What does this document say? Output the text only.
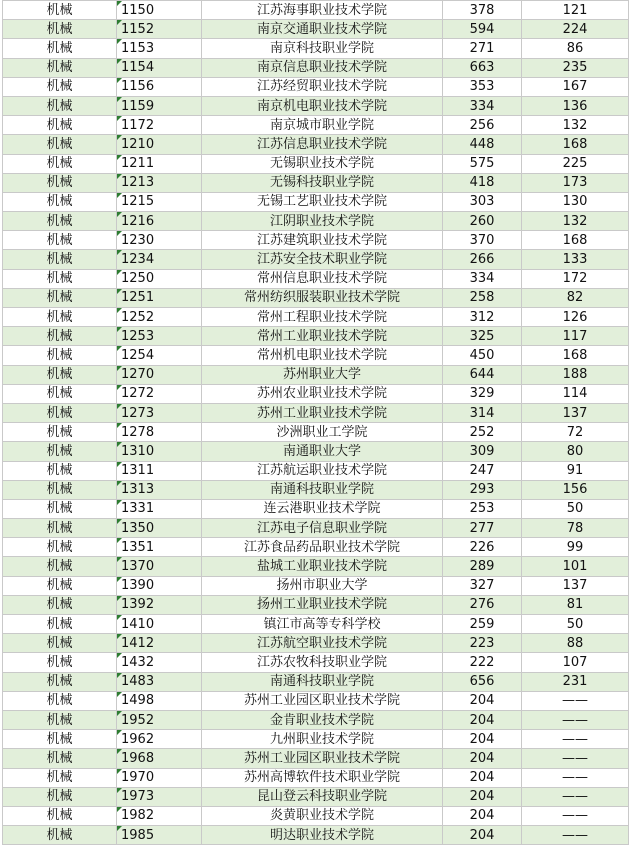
机械	1150	江苏海事职业技术学院	378	121
机械	1152	南京交通职业技术学院	594	224
机械	1153	南京科技职业学院	271	86
机械	1154	南京信息职业技术学院	663	235
机械	1156	江苏经贸职业技术学院	353	167
机械	1159	南京机电职业技术学院	334	136
机械	1172	南京城市职业学院	256	132
机械	1210	江苏信息职业技术学院	448	168
机械	1211	无锡职业技术学院	575	225
机械	1213	无锡科技职业学院	418	173
机械	1215	无锡工艺职业技术学院	303	130
机械	1216	江阴职业技术学院	260	132
机械	1230	江苏建筑职业技术学院	370	168
机械	1234	江苏安全技术职业学院	266	133
机械	1250	常州信息职业技术学院	334	172
机械	1251	常州纺织服装职业技术学院	258	82
机械	1252	常州工程职业技术学院	312	126
机械	1253	常州工业职业技术学院	325	117
机械	1254	常州机电职业技术学院	450	168
机械	1270	苏州职业大学	644	188
机械	1272	苏州农业职业技术学院	329	114
机械	1273	苏州工业职业技术学院	314	137
机械	1278	沙洲职业工学院	252	72
机械	1310	南通职业大学	309	80
机械	1311	江苏航运职业技术学院	247	91
机械	1313	南通科技职业学院	293	156
机械	1331	连云港职业技术学院	253	50
机械	1350	江苏电子信息职业学院	277	78
机械	1351	江苏食品药品职业技术学院	226	99
机械	1370	盐城工业职业技术学院	289	101
机械	1390	扬州市职业大学	327	137
机械	1392	扬州工业职业技术学院	276	81
机械	1410	镇江市高等专科学校	259	50
机械	1412	江苏航空职业技术学院	223	88
机械	1432	江苏农牧科技职业学院	222	107
机械	1483	南通科技职业学院	656	231
机械	1498	苏州工业园区职业技术学院	204	——
机械	1952	金肯职业技术学院	204	——
机械	1962	九州职业技术学院	204	——
机械	1968	苏州工业园区职业技术学院	204	——
机械	1970	苏州高博软件技术职业学院	204	——
机械	1973	昆山登云科技职业学院	204	——
机械	1982	炎黄职业技术学院	204	——
机械	1985	明达职业技术学院	204	——
